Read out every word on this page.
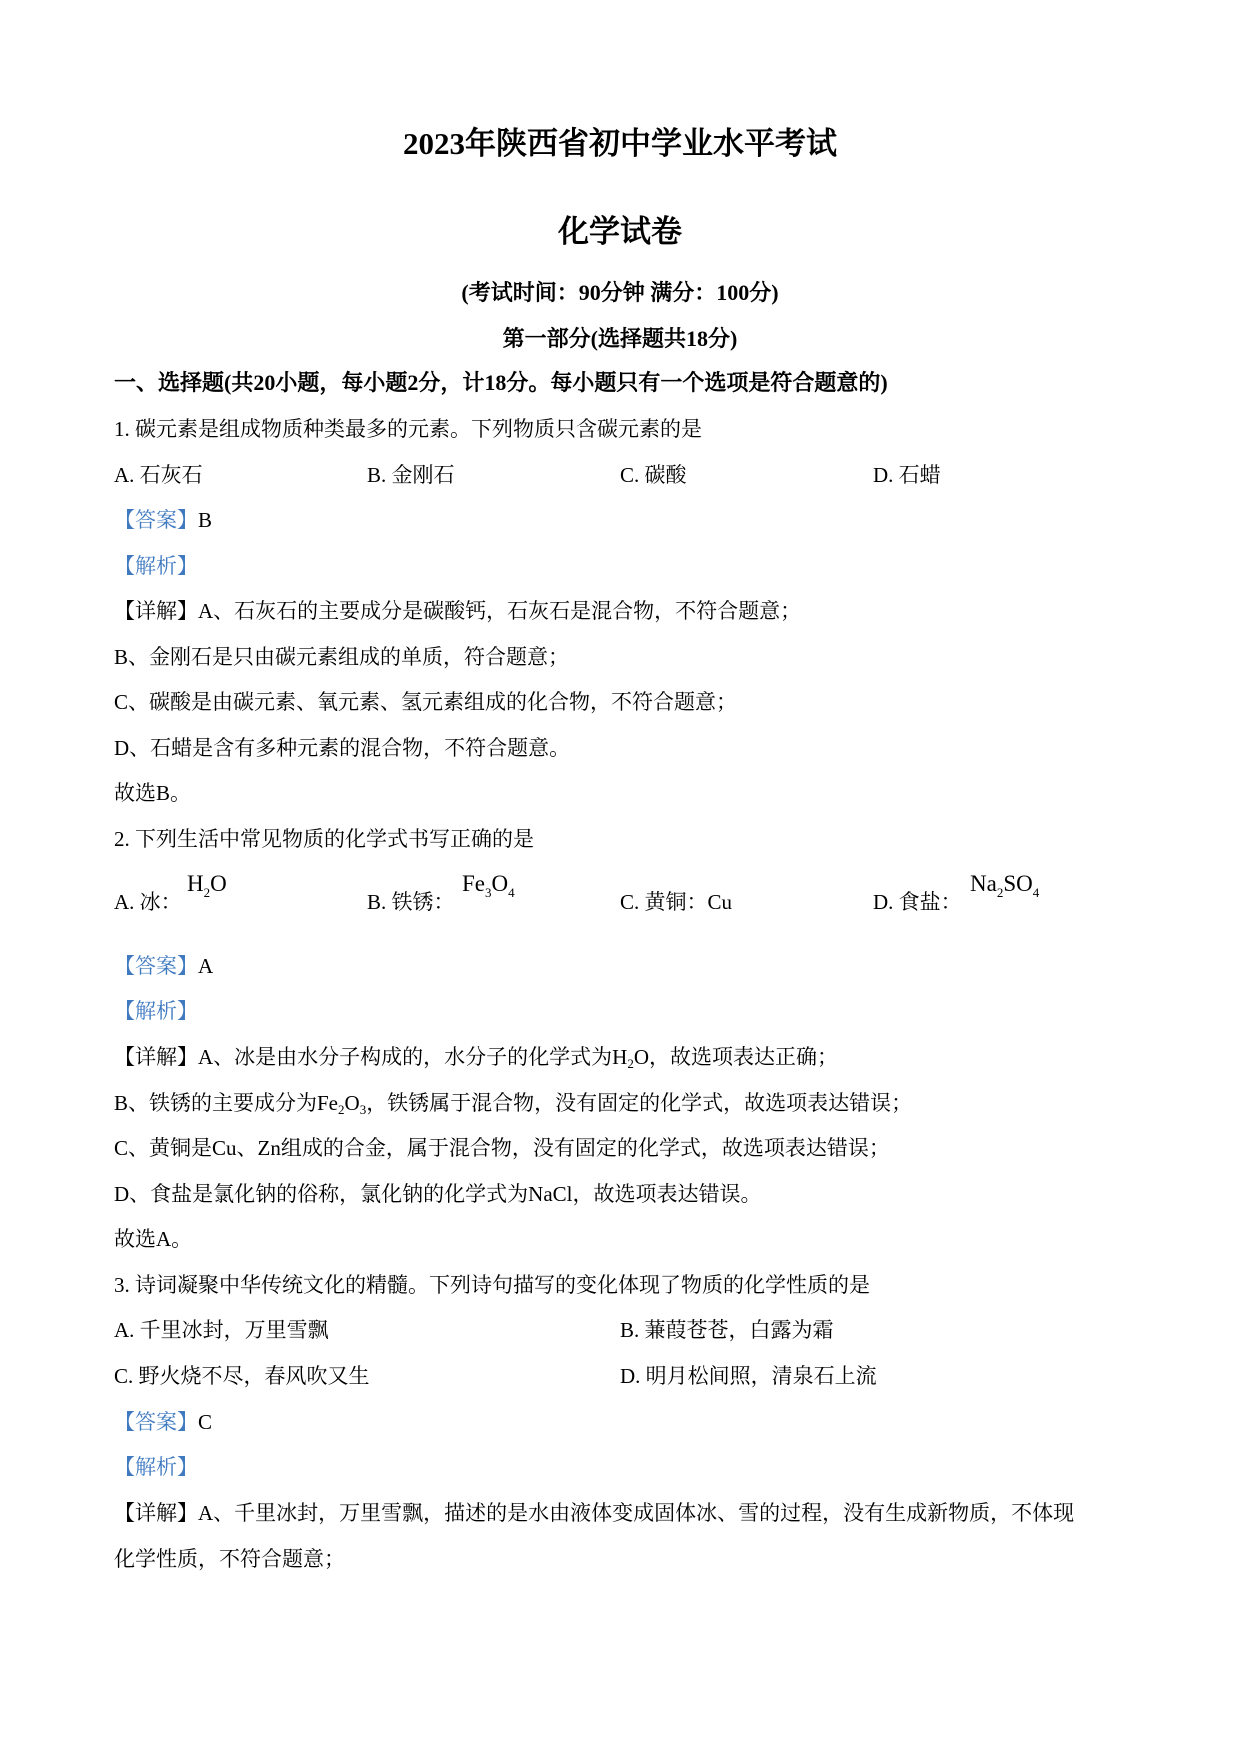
2023年陕西省初中学业水平考试
化学试卷
(考试时间：90分钟 满分：100分)
第一部分(选择题共18分)
一、选择题(共20小题，每小题2分，计18分。每小题只有一个选项是符合题意的)
1. 碳元素是组成物质种类最多的元素。下列物质只含碳元素的是
A. 石灰石	B. 金刚石	C. 碳酸	D. 石蜡
【答案】B
【解析】
【详解】A、石灰石的主要成分是碳酸钙，石灰石是混合物，不符合题意；
B、金刚石是只由碳元素组成的单质，符合题意；
C、碳酸是由碳元素、氧元素、氢元素组成的化合物，不符合题意；
D、石蜡是含有多种元素的混合物，不符合题意。
故选B。
2. 下列生活中常见物质的化学式书写正确的是
A. 冰：
$H_2O$
B. 铁锈：
$Fe_3O_4$	C. 黄铜：Cu	D. 食盐：
$Na_2SO_4$
【答案】A
【解析】
【详解】A、冰是由水分子构成的，水分子的化学式为H2O，故选项表达正确；
B、铁锈的主要成分为Fe2O3，铁锈属于混合物，没有固定的化学式，故选项表达错误；
C、黄铜是Cu、Zn组成的合金，属于混合物，没有固定的化学式，故选项表达错误；
D、食盐是氯化钠的俗称，氯化钠的化学式为NaCl，故选项表达错误。
故选A。
3. 诗词凝聚中华传统文化的精髓。下列诗句描写的变化体现了物质的化学性质的是
A. 千里冰封，万里雪飘	B. 蒹葭苍苍，白露为霜
C. 野火烧不尽，春风吹又生	D. 明月松间照，清泉石上流
【答案】C
【解析】
【详解】A、千里冰封，万里雪飘，描述的是水由液体变成固体冰、雪的过程，没有生成新物质，不体现
化学性质，不符合题意；
